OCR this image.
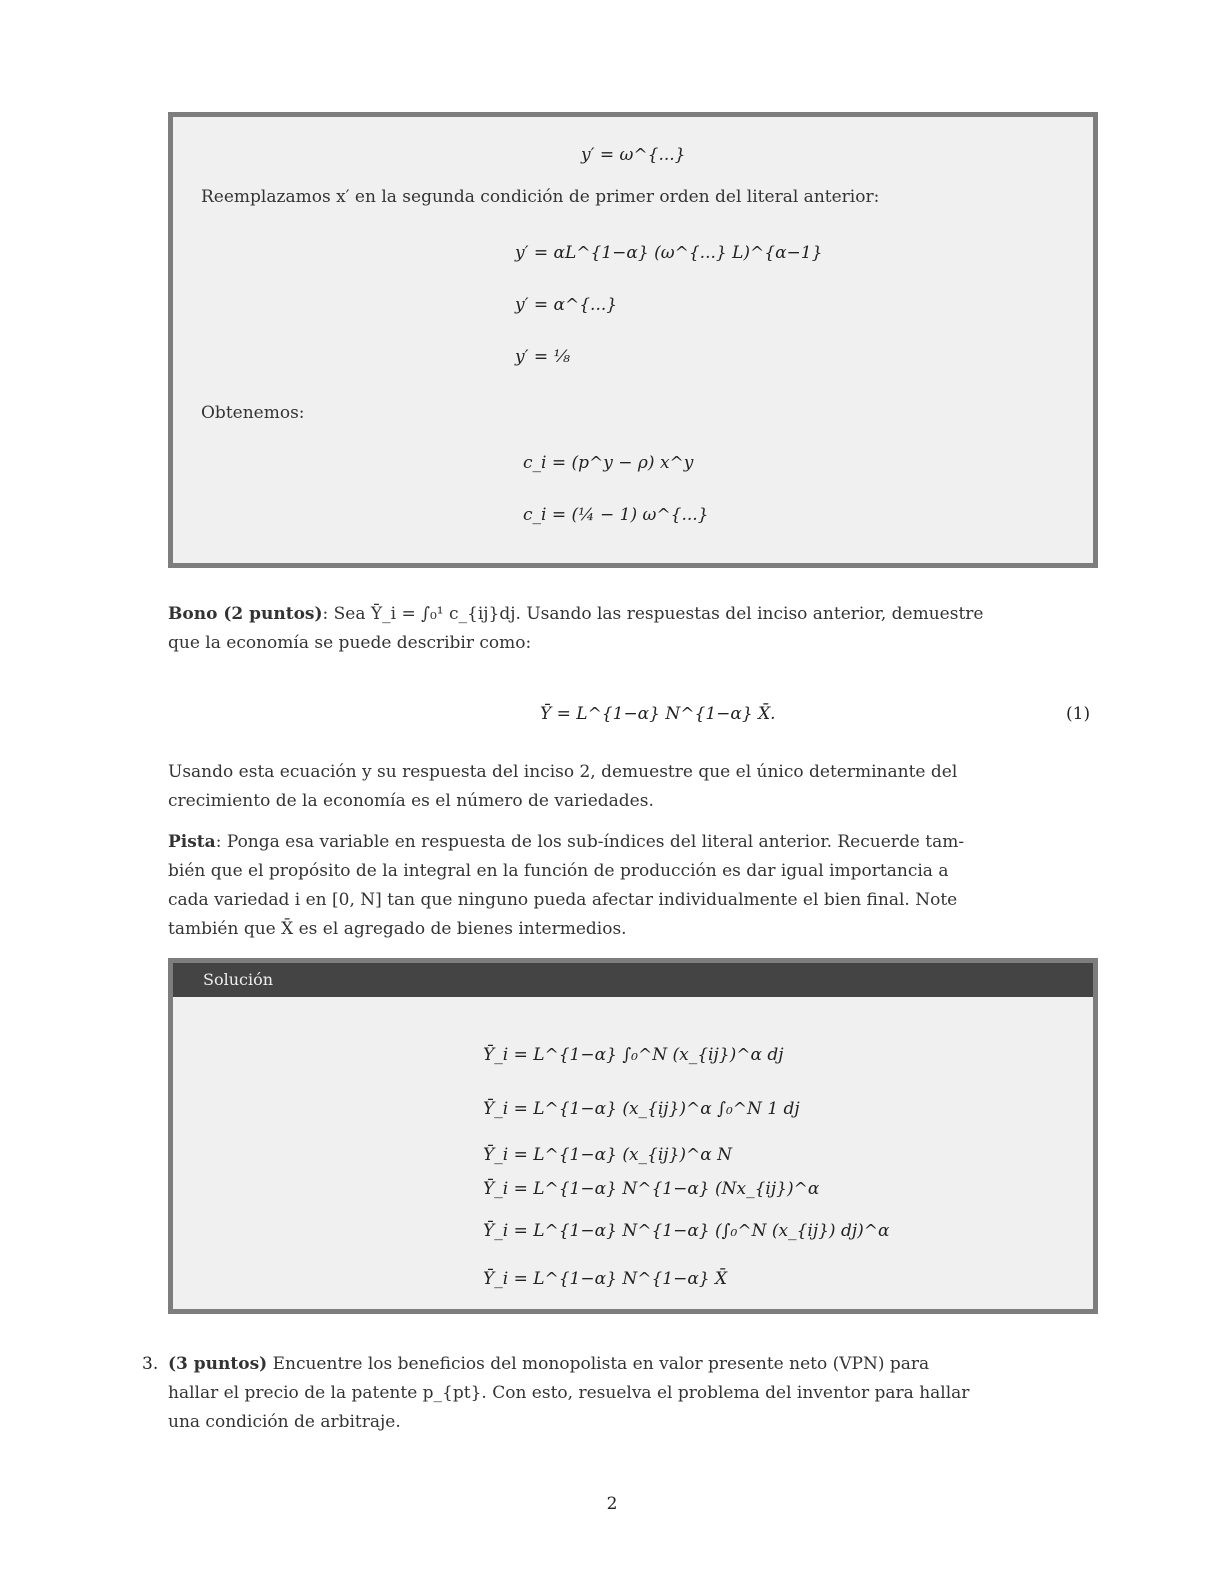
y′ = ω^{...}
Reemplazamos x′ en la segunda condición de primer orden del literal anterior:
y′ = αL^{1−α} (ω^{...} L)^{α−1}
y′ = α^{...}
y′ = ⅛
Obtenemos:
c_i = (p^y − ρ) x^y
c_i = (¼ − 1) ω^{...}
Bono (2 puntos): Sea Ȳ_i = ∫₀¹ c_{ij}dj. Usando las respuestas del inciso anterior, demuestre
que la economía se puede describir como:
Ȳ = L^{1−α} N^{1−α} X̄.	(1)
Usando esta ecuación y su respuesta del inciso 2, demuestre que el único determinante del
crecimiento de la economía es el número de variedades.
Pista: Ponga esa variable en respuesta de los sub-índices del literal anterior. Recuerde tam-
bién que el propósito de la integral en la función de producción es dar igual importancia a
cada variedad i en [0, N] tan que ninguno pueda afectar individualmente el bien final. Note
también que X̄ es el agregado de bienes intermedios.
Solución
Ȳ_i = L^{1−α} ∫₀^N (x_{ij})^α dj
Ȳ_i = L^{1−α} (x_{ij})^α ∫₀^N 1 dj
Ȳ_i = L^{1−α} (x_{ij})^α N
Ȳ_i = L^{1−α} N^{1−α} (Nx_{ij})^α
Ȳ_i = L^{1−α} N^{1−α} (∫₀^N (x_{ij}) dj)^α
Ȳ_i = L^{1−α} N^{1−α} X̄
3. (3 puntos) Encuentre los beneficios del monopolista en valor presente neto (VPN) para
hallar el precio de la patente p_{pt}. Con esto, resuelva el problema del inventor para hallar
una condición de arbitraje.
2
